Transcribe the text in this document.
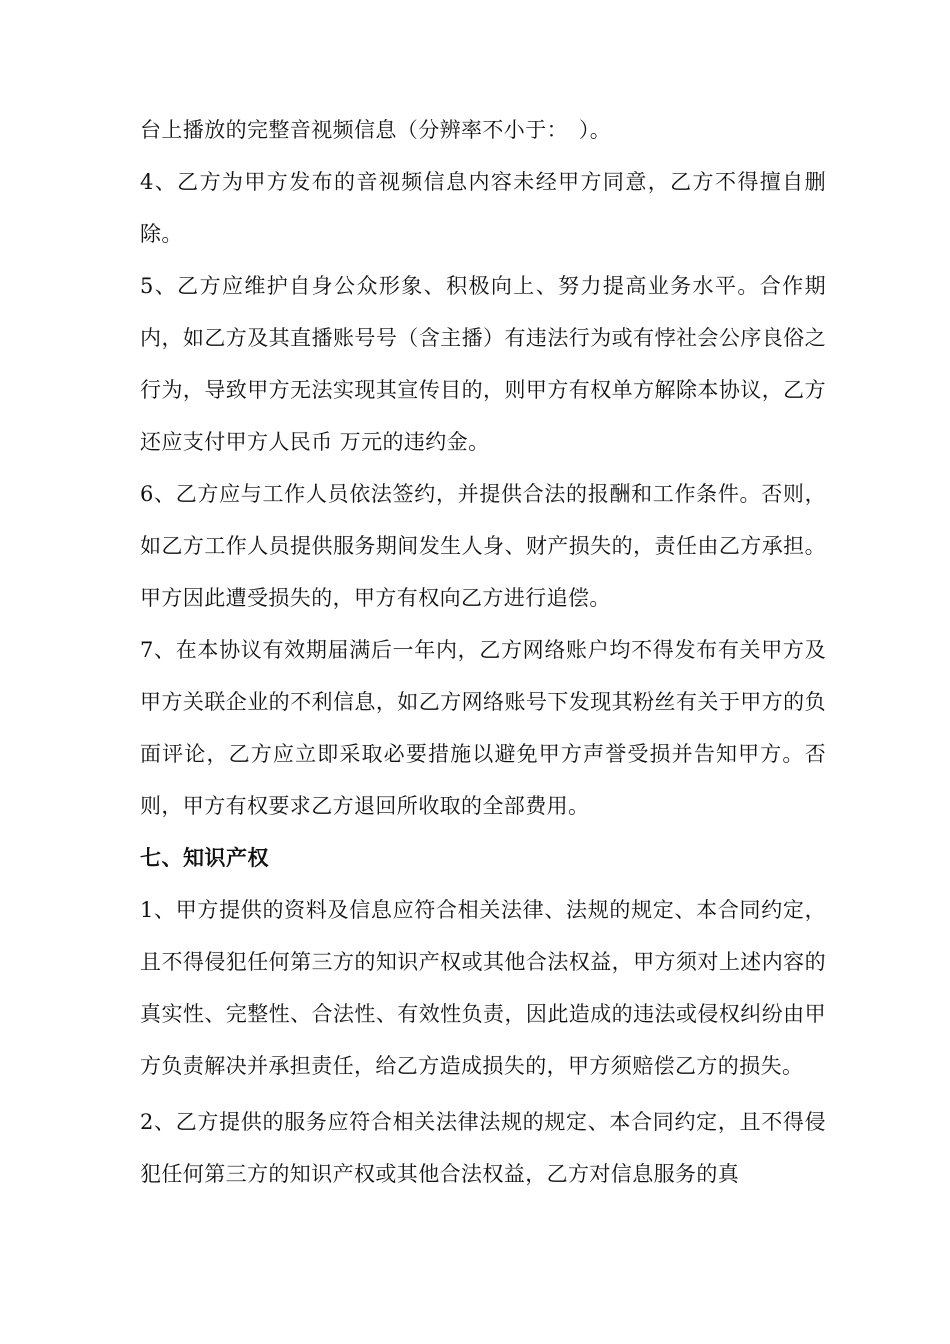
台上播放的完整音视频信息（分辨率不小于：　）。

4、乙方为甲方发布的音视频信息内容未经甲方同意，乙方不得擅自删除。

5、乙方应维护自身公众形象、积极向上、努力提高业务水平。合作期内，如乙方及其直播账号号（含主播）有违法行为或有悖社会公序良俗之行为，导致甲方无法实现其宣传目的，则甲方有权单方解除本协议，乙方还应支付甲方人民币 万元的违约金。

6、乙方应与工作人员依法签约，并提供合法的报酬和工作条件。否则，如乙方工作人员提供服务期间发生人身、财产损失的，责任由乙方承担。甲方因此遭受损失的，甲方有权向乙方进行追偿。

7、在本协议有效期届满后一年内，乙方网络账户均不得发布有关甲方及甲方关联企业的不利信息，如乙方网络账号下发现其粉丝有关于甲方的负面评论，乙方应立即采取必要措施以避免甲方声誉受损并告知甲方。否则，甲方有权要求乙方退回所收取的全部费用。

七、知识产权

1、甲方提供的资料及信息应符合相关法律、法规的规定、本合同约定，且不得侵犯任何第三方的知识产权或其他合法权益，甲方须对上述内容的真实性、完整性、合法性、有效性负责，因此造成的违法或侵权纠纷由甲方负责解决并承担责任，给乙方造成损失的，甲方须赔偿乙方的损失。

2、乙方提供的服务应符合相关法律法规的规定、本合同约定，且不得侵犯任何第三方的知识产权或其他合法权益，乙方对信息服务的真
